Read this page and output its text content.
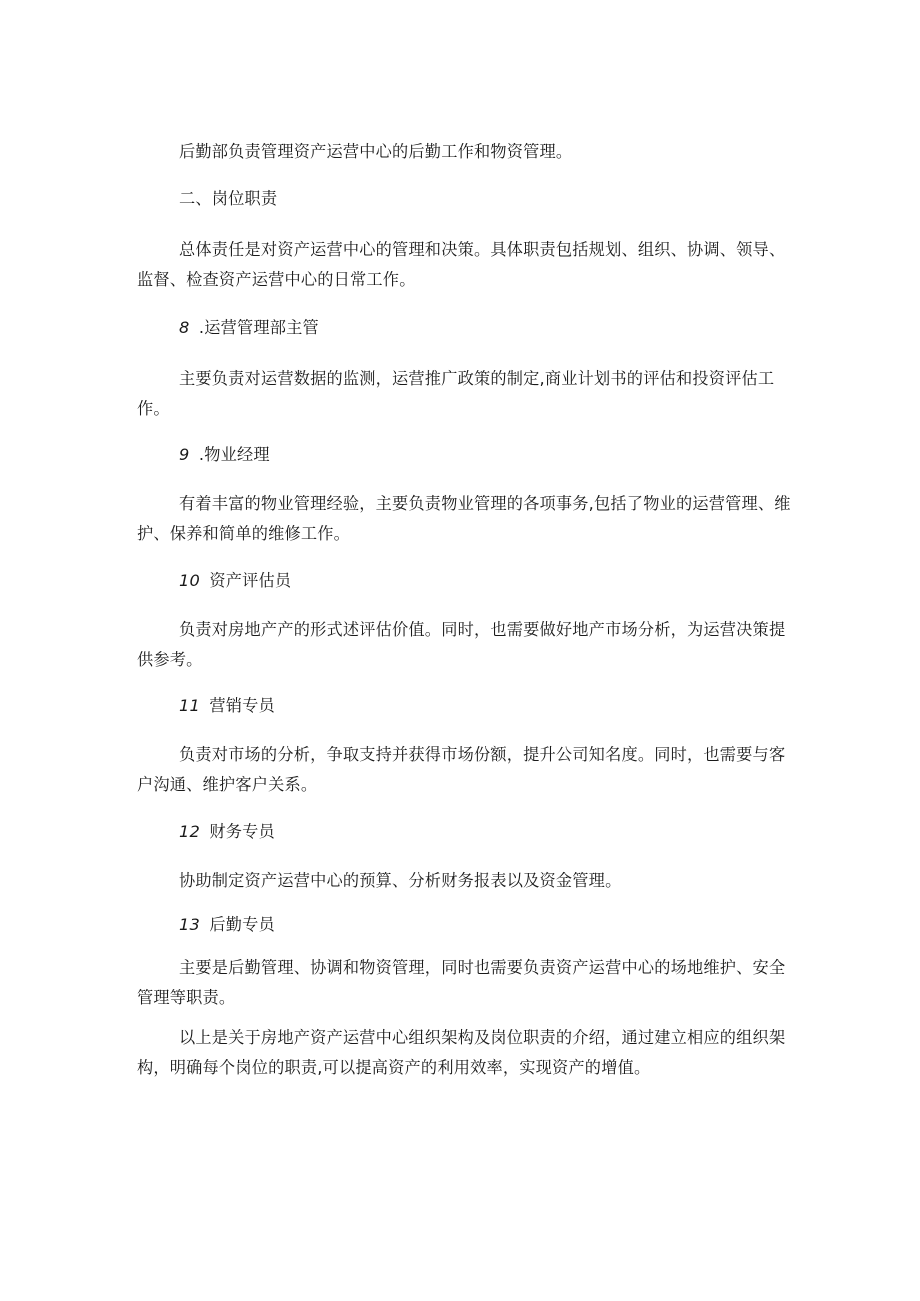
后勤部负责管理资产运营中心的后勤工作和物资管理。
二、岗位职责
总体责任是对资产运营中心的管理和决策。具体职责包括规划、组织、协调、领导、监督、检查资产运营中心的日常工作。
8 .运营管理部主管
主要负责对运营数据的监测，运营推广政策的制定,商业计划书的评估和投资评估工作。
9 .物业经理
有着丰富的物业管理经验，主要负责物业管理的各项事务,包括了物业的运营管理、维护、保养和简单的维修工作。
10 资产评估员
负责对房地产产的形式述评估价值。同时，也需要做好地产市场分析，为运营决策提供参考。
11 营销专员
负责对市场的分析，争取支持并获得市场份额，提升公司知名度。同时，也需要与客户沟通、维护客户关系。
12 财务专员
协助制定资产运营中心的预算、分析财务报表以及资金管理。
13 后勤专员
主要是后勤管理、协调和物资管理，同时也需要负责资产运营中心的场地维护、安全管理等职责。
以上是关于房地产资产运营中心组织架构及岗位职责的介绍，通过建立相应的组织架构，明确每个岗位的职责,可以提高资产的利用效率，实现资产的增值。
